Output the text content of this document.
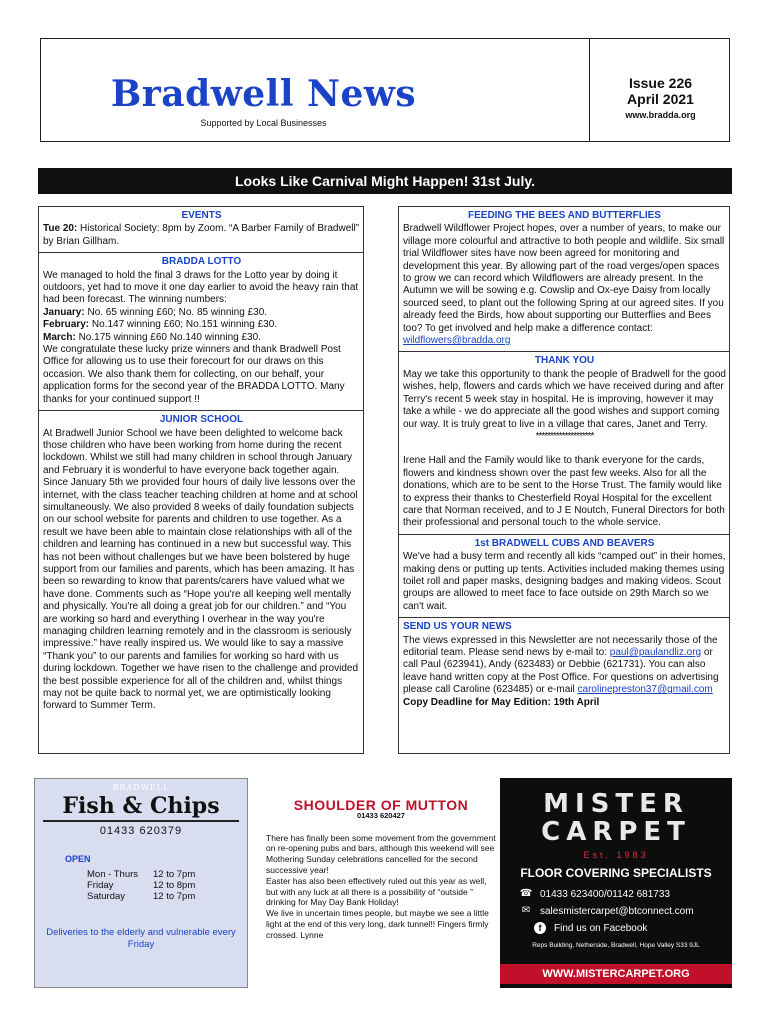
Bradwell News
Supported by Local Businesses
Issue 226
April 2021
www.bradda.org
Looks Like Carnival Might Happen! 31st July.
EVENTS

Tue 20: Historical Society: 8pm by Zoom. “A Barber Family of Bradwell” by Brian Gillham.

BRADDA LOTTO

We managed to hold the final 3 draws for the Lotto year by doing it outdoors, yet had to move it one day earlier to avoid the heavy rain that had been forecast. The winning numbers:

January: No. 65 winning £60; No. 85 winning £30.

February: No.147 winning £60; No.151 winning £30.

March: No.175 winning £60 No.140 winning £30.

We congratulate these lucky prize winners and thank Bradwell Post Office for allowing us to use their forecourt for our draws on this occasion. We also thank them for collecting, on our behalf, your application forms for the second year of the BRADDA LOTTO. Many thanks for your continued support !!

JUNIOR SCHOOL

At Bradwell Junior School we have been delighted to welcome back those children who have been working from home during the recent lockdown. Whilst we still had many children in school through January and February it is wonderful to have everyone back together again. Since January 5th we provided four hours of daily live lessons over the internet, with the class teacher teaching children at home and at school simultaneously. We also provided 8 weeks of daily foundation subjects on our school website for parents and children to use together. As a result we have been able to maintain close relationships with all of the children and learning has continued in a new but successful way. This has not been without challenges but we have been bolstered by huge support from our families and parents, which has been amazing. It has been so rewarding to know that parents/carers have valued what we have done. Comments such as “Hope you're all keeping well mentally and physically. You're all doing a great job for our children.” and “You are working so hard and everything I overhear in the way you're managing children learning remotely and in the classroom is seriously impressive.” have really inspired us. We would like to say a massive “Thank you” to our parents and families for working so hard with us during lockdown. Together we have risen to the challenge and provided the best possible experience for all of the children and, whilst things may not be quite back to normal yet, we are optimistically looking forward to Summer Term.

FEEDING THE BEES AND BUTTERFLIES

Bradwell Wildflower Project hopes, over a number of years, to make our village more colourful and attractive to both people and wildlife. Six small trial Wildflower sites have now been agreed for monitoring and development this year. By allowing part of the road verges/open spaces to grow we can record which Wildflowers are already present. In the Autumn we will be sowing e.g. Cowslip and Ox-eye Daisy from locally sourced seed, to plant out the following Spring at our agreed sites. If you already feed the Birds, how about supporting our Butterflies and Bees too? To get involved and help make a difference contact: wildflowers@bradda.org

THANK YOU

May we take this opportunity to thank the people of Bradwell for the good wishes, help, flowers and cards which we have received during and after Terry's recent 5 week stay in hospital. He is improving, however it may take a while - we do appreciate all the good wishes and support coming our way. It is truly great to live in a village that cares, Janet and Terry.

********************

Irene Hall and the Family would like to thank everyone for the cards, flowers and kindness shown over the past few weeks. Also for all the donations, which are to be sent to the Horse Trust. The family would like to express their thanks to Chesterfield Royal Hospital for the excellent care that Norman received, and to J E Noutch, Funeral Directors for both their professional and personal touch to the whole service.

1st BRADWELL CUBS AND BEAVERS

We've had a busy term and recently all kids “camped out” in their homes, making dens or putting up tents. Activities included making themes using toilet roll and paper masks, designing badges and making videos. Scout groups are allowed to meet face to face outside on 29th March so we can't wait.

SEND US YOUR NEWS

The views expressed in this Newsletter are not necessarily those of the editorial team. Please send news by e-mail to: paul@paulandliz.org or call Paul (623941), Andy (623483) or Debbie (621731). You can also leave hand written copy at the Post Office. For questions on advertising please call Caroline (623485) or e-mail carolinepreston37@gmail.com

Copy Deadline for May Edition: 19th April

BRADWELL
Fish & Chips
01433 620379
OPEN
Mon - Thurs	12 to 7pm
Friday	12 to 8pm
Saturday	12 to 7pm
Deliveries to the elderly and vulnerable every Friday
SHOULDER OF MUTTON
01433 620427

There has finally been some movement from the government on re-opening pubs and bars, although this weekend will see Mothering Sunday celebrations cancelled for the second successive year!

Easter has also been effectively ruled out this year as well, but with any luck at all there is a possibility of “outside ” drinking for May Day Bank Holiday!

We live in uncertain times people, but maybe we see a little light at the end of this very long, dark tunnel!! Fingers firmly crossed. Lynne

MISTER
CARPET
Est. 1983
FLOOR COVERING SPECIALISTS
☎ 01433 623400/01142 681733
✉ salesmistercarpet@btconnect.com
f	Find us on Facebook
Reps Building, Netherside, Bradwell, Hope Valley S33 9JL
WWW.MISTERCARPET.ORG
